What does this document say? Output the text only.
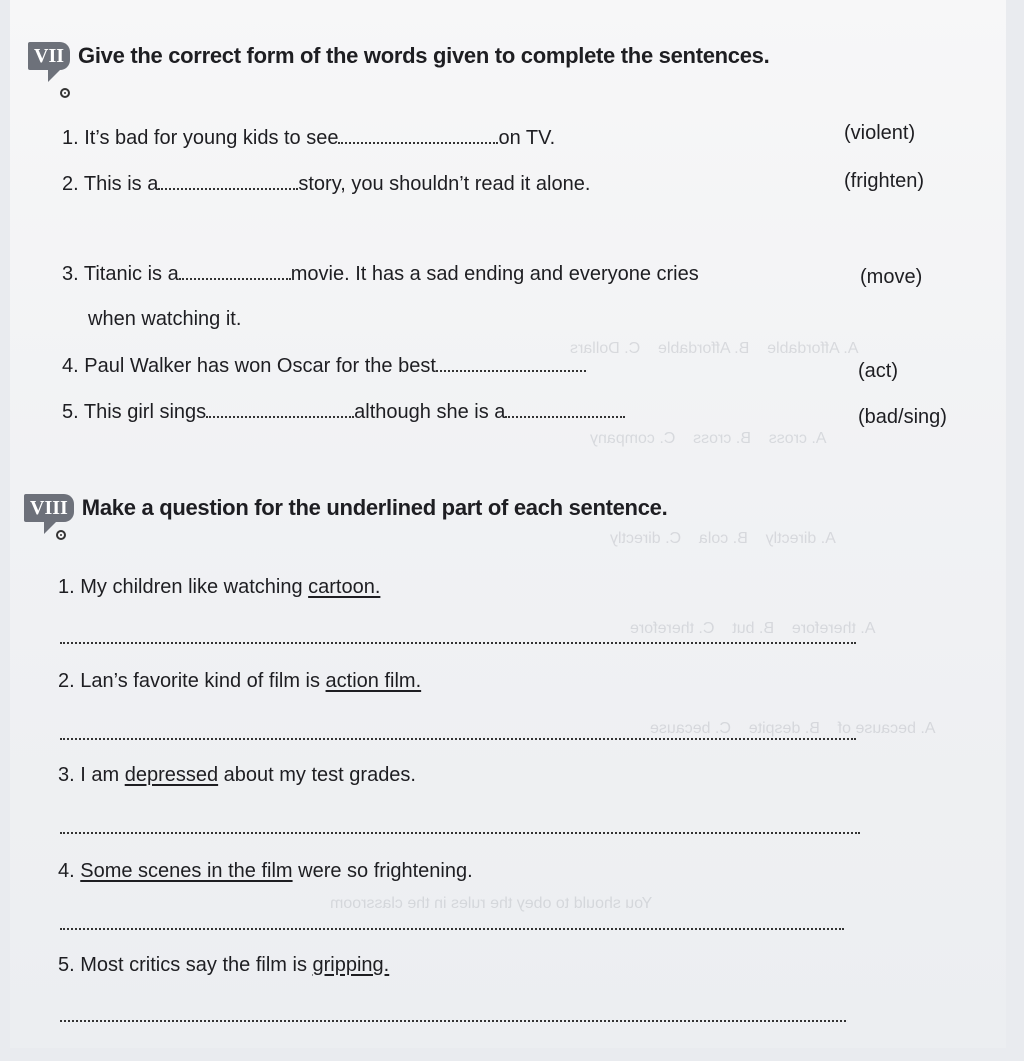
A. Affordable    B. Affordable    C. Dollars
A. cross    B. cross    C. company
A. directly    B. cola    C. directly
A. therefore    B. but    C. therefore
A. because of    B. despite    C. because
You should to obey the rules in the classroom
VII Give the correct form of the words given to complete the sentences.
1. It’s bad for young kids to see	on TV.	(violent)
2. This is a	story, you shouldn’t read it alone.	(frighten)
3. Titanic is a	movie. It has a sad ending and everyone cries	(move)
when watching it.
4. Paul Walker has won Oscar for the best	(act)
5. This girl sings	although she is a	(bad/sing)
VIII Make a question for the underlined part of each sentence.
1. My children like watching cartoon.
2. Lan’s favorite kind of film is action film.
3. I am depressed about my test grades.
4. Some scenes in the film were so frightening.
5. Most critics say the film is gripping.
